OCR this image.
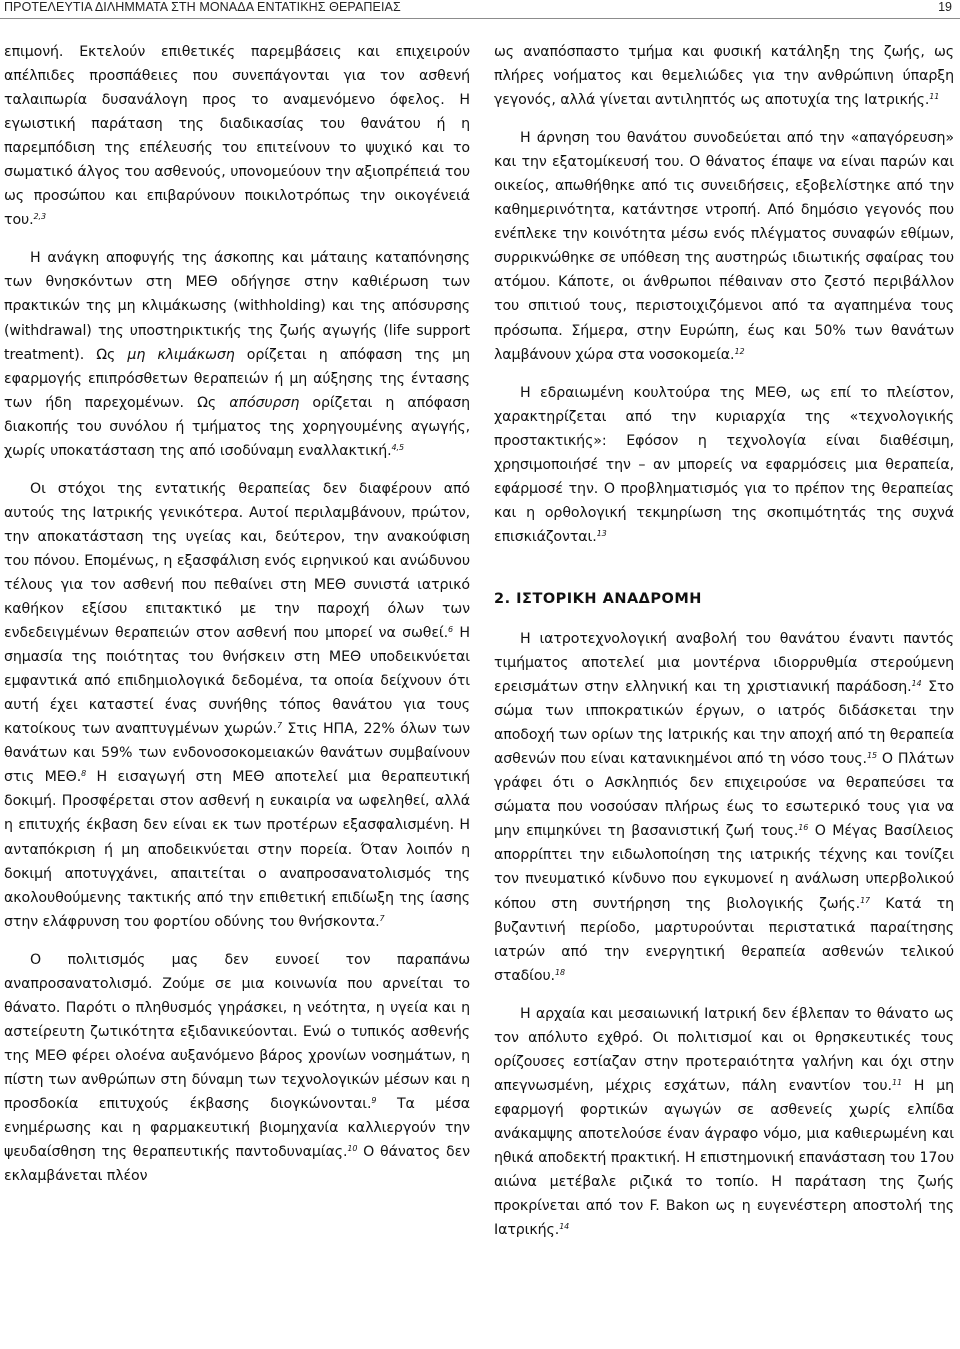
ΠΡΟΤΕΛΕΥΤΙΑ ΔΙΛΗΜΜΑΤΑ ΣΤΗ ΜΟΝΑΔΑ ΕΝΤΑΤΙΚΗΣ ΘΕΡΑΠΕΙΑΣ	19

επιμονή. Εκτελούν επιθετικές παρεμβάσεις και επιχειρούν απέλπιδες προσπάθειες που συνεπάγονται για τον ασθενή ταλαιπωρία δυσανάλογη προς το αναμενόμενο όφελος. Η εγωιστική παράταση της διαδικασίας του θανάτου ή η παρεμπόδιση της επέλευσής του επιτείνουν το ψυχικό και το σωματικό άλγος του ασθενούς, υπονομεύουν την αξιοπρέπειά του ως προσώπου και επιβαρύνουν ποικιλοτρόπως την οικογένειά του.$^{2,3}$

Η ανάγκη αποφυγής της άσκοπης και μάταιης καταπόνησης των θνησκόντων στη ΜΕΘ οδήγησε στην καθιέρωση των πρακτικών της μη κλιμάκωσης (withholding) και της απόσυρσης (withdrawal) της υποστηρικτικής της ζωής αγωγής (life support treatment). Ως μη κλιμάκωση ορίζεται η απόφαση της μη εφαρμογής επιπρόσθετων θεραπειών ή μη αύξησης της έντασης των ήδη παρεχομένων. Ως απόσυρση ορίζεται η απόφαση διακοπής του συνόλου ή τμήματος της χορηγουμένης αγωγής, χωρίς υποκατάσταση της από ισοδύναμη εναλλακτική.$^{4,5}$

Οι στόχοι της εντατικής θεραπείας δεν διαφέρουν από αυτούς της Ιατρικής γενικότερα. Αυτοί περιλαμβάνουν, πρώτον, την αποκατάσταση της υγείας και, δεύτερον, την ανακούφιση του πόνου. Επομένως, η εξασφάλιση ενός ειρηνικού και ανώδυνου τέλους για τον ασθενή που πεθαίνει στη ΜΕΘ συνιστά ιατρικό καθήκον εξίσου επιτακτικό με την παροχή όλων των ενδεδειγμένων θεραπειών στον ασθενή που μπορεί να σωθεί.$^6$ Η σημασία της ποιότητας του θνήσκειν στη ΜΕΘ υποδεικνύεται εμφαντικά από επιδημιολογικά δεδομένα, τα οποία δείχνουν ότι αυτή έχει καταστεί ένας συνήθης τόπος θανάτου για τους κατοίκους των αναπτυγμένων χωρών.$^7$ Στις ΗΠΑ, 22% όλων των θανάτων και 59% των ενδονοσοκομειακών θανάτων συμβαίνουν στις ΜΕΘ.$^8$ Η εισαγωγή στη ΜΕΘ αποτελεί μια θεραπευτική δοκιμή. Προσφέρεται στον ασθενή η ευκαιρία να ωφεληθεί, αλλά η επιτυχής έκβαση δεν είναι εκ των προτέρων εξασφαλισμένη. Η ανταπόκριση ή μη αποδεικνύεται στην πορεία. Όταν λοιπόν η δοκιμή αποτυγχάνει, απαιτείται ο αναπροσανατολισμός της ακολουθούμενης τακτικής από την επιθετική επιδίωξη της ίασης στην ελάφρυνση του φορτίου οδύνης του θνήσκοντα.$^7$

Ο πολιτισμός μας δεν ευνοεί τον παραπάνω αναπροσανατολισμό. Ζούμε σε μια κοινωνία που αρνείται το θάνατο. Παρότι ο πληθυσμός γηράσκει, η νεότητα, η υγεία και η αστείρευτη ζωτικότητα εξιδανικεύονται. Ενώ ο τυπικός ασθενής της ΜΕΘ φέρει ολοένα αυξανόμενο βάρος χρονίων νοσημάτων, η πίστη των ανθρώπων στη δύναμη των τεχνολογικών μέσων και η προσδοκία επιτυχούς έκβασης διογκώνονται.$^9$ Τα μέσα ενημέρωσης και η φαρμακευτική βιομηχανία καλλιεργούν την ψευδαίσθηση της θεραπευτικής παντοδυναμίας.$^{10}$ Ο θάνατος δεν εκλαμβάνεται πλέον

ως αναπόσπαστο τμήμα και φυσική κατάληξη της ζωής, ως πλήρες νοήματος και θεμελιώδες για την ανθρώπινη ύπαρξη γεγονός, αλλά γίνεται αντιληπτός ως αποτυχία της Ιατρικής.$^{11}$

Η άρνηση του θανάτου συνοδεύεται από την «απαγόρευση» και την εξατομίκευσή του. Ο θάνατος έπαψε να είναι παρών και οικείος, απωθήθηκε από τις συνειδήσεις, εξοβελίστηκε από την καθημερινότητα, κατάντησε ντροπή. Από δημόσιο γεγονός που ενέπλεκε την κοινότητα μέσω ενός πλέγματος συναφών εθίμων, συρρικνώθηκε σε υπόθεση της αυστηρώς ιδιωτικής σφαίρας του ατόμου. Κάποτε, οι άνθρωποι πέθαιναν στο ζεστό περιβάλλον του σπιτιού τους, περιστοιχιζόμενοι από τα αγαπημένα τους πρόσωπα. Σήμερα, στην Ευρώπη, έως και 50% των θανάτων λαμβάνουν χώρα στα νοσοκομεία.$^{12}$

Η εδραιωμένη κουλτούρα της ΜΕΘ, ως επί το πλείστον, χαρακτηρίζεται από την κυριαρχία της «τεχνολογικής προστακτικής»: Εφόσον η τεχνολογία είναι διαθέσιμη, χρησιμοποιήσέ την – αν μπορείς να εφαρμόσεις μια θεραπεία, εφάρμοσέ την. Ο προβληματισμός για το πρέπον της θεραπείας και η ορθολογική τεκμηρίωση της σκοπιμότητάς της συχνά επισκιάζονται.$^{13}$

2. ΙΣΤΟΡΙΚΗ ΑΝΑΔΡΟΜΗ

Η ιατροτεχνολογική αναβολή του θανάτου έναντι παντός τιμήματος αποτελεί μια μοντέρνα ιδιορρυθμία στερούμενη ερεισμάτων στην ελληνική και τη χριστιανική παράδοση.$^{14}$ Στο σώμα των ιπποκρατικών έργων, ο ιατρός διδάσκεται την αποδοχή των ορίων της Ιατρικής και την αποχή από τη θεραπεία ασθενών που είναι κατανικημένοι από τη νόσο τους.$^{15}$ Ο Πλάτων γράφει ότι ο Ασκληπιός δεν επιχειρούσε να θεραπεύσει τα σώματα που νοσούσαν πλήρως έως το εσωτερικό τους για να μην επιμηκύνει τη βασανιστική ζωή τους.$^{16}$ Ο Μέγας Βασίλειος απορρίπτει την ειδωλοποίηση της ιατρικής τέχνης και τονίζει τον πνευματικό κίνδυνο που εγκυμονεί η ανάλωση υπερβολικού κόπου στη συντήρηση της βιολογικής ζωής.$^{17}$ Κατά τη βυζαντινή περίοδο, μαρτυρούνται περιστατικά παραίτησης ιατρών από την ενεργητική θεραπεία ασθενών τελικού σταδίου.$^{18}$

Η αρχαία και μεσαιωνική Ιατρική δεν έβλεπαν το θάνατο ως τον απόλυτο εχθρό. Οι πολιτισμοί και οι θρησκευτικές τους ορίζουσες εστίαζαν στην προτεραιότητα γαλήνη και όχι στην απεγνωσμένη, μέχρις εσχάτων, πάλη εναντίον του.$^{11}$ Η μη εφαρμογή φορτικών αγωγών σε ασθενείς χωρίς ελπίδα ανάκαμψης αποτελούσε έναν άγραφο νόμο, μια καθιερωμένη και ηθικά αποδεκτή πρακτική. Η επιστημονική επανάσταση του 17ου αιώνα μετέβαλε ριζικά το τοπίο. Η παράταση της ζωής προκρίνεται από τον F. Bakon ως η ευγενέστερη αποστολή της Ιατρικής.$^{14}$
